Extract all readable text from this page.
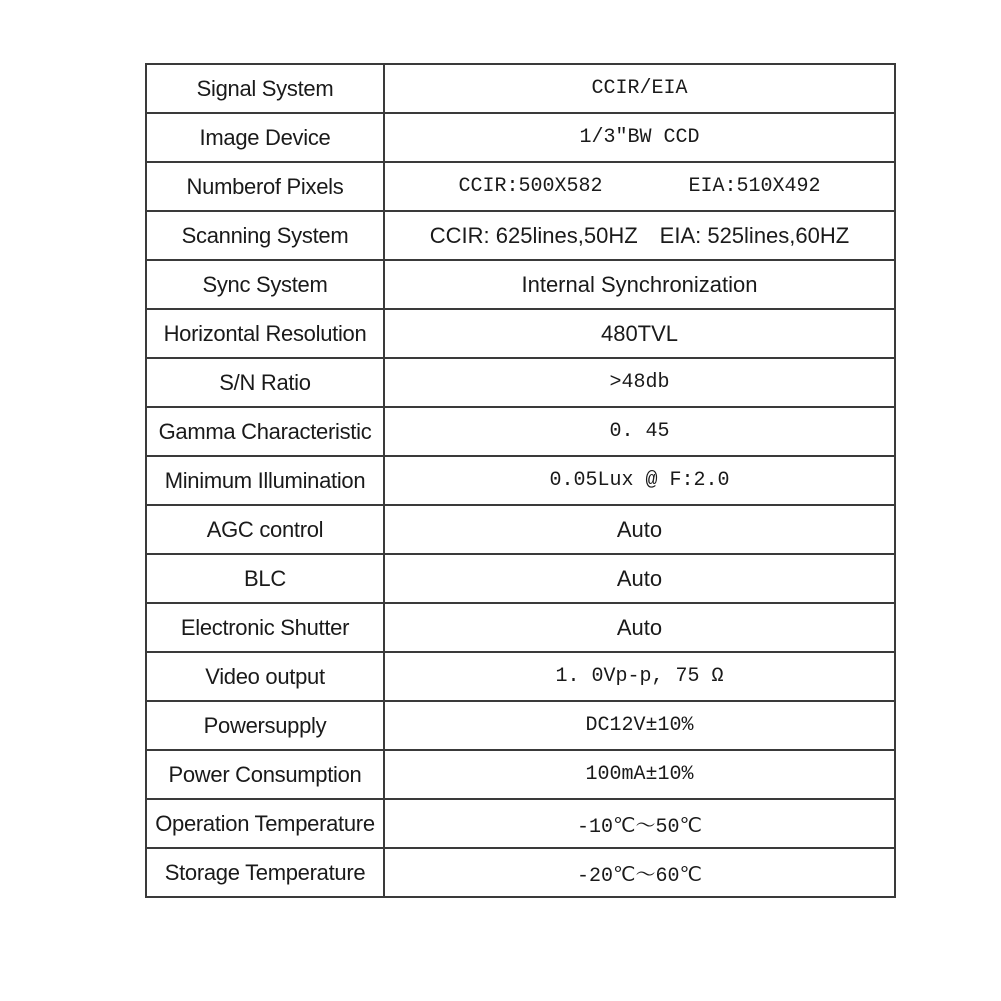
Signal System	CCIR/EIA
Image Device	1/3″BW CCD
Numberof Pixels	CCIR:500X582 EIA:510X492
Scanning System	CCIR: 625lines,50HZ EIA: 525lines,60HZ
Sync System	Internal Synchronization
Horizontal Resolution	480TVL
S/N Ratio	>48db
Gamma Characteristic	0. 45
Minimum Illumination	0.05Lux @ F:2.0
AGC control	Auto
BLC	Auto
Electronic Shutter	Auto
Video output	1. 0Vp-p, 75 Ω
Powersupply	DC12V±10%
Power Consumption	100mA±10%
Operation Temperature	-10℃～50℃
Storage Temperature	-20℃～60℃
